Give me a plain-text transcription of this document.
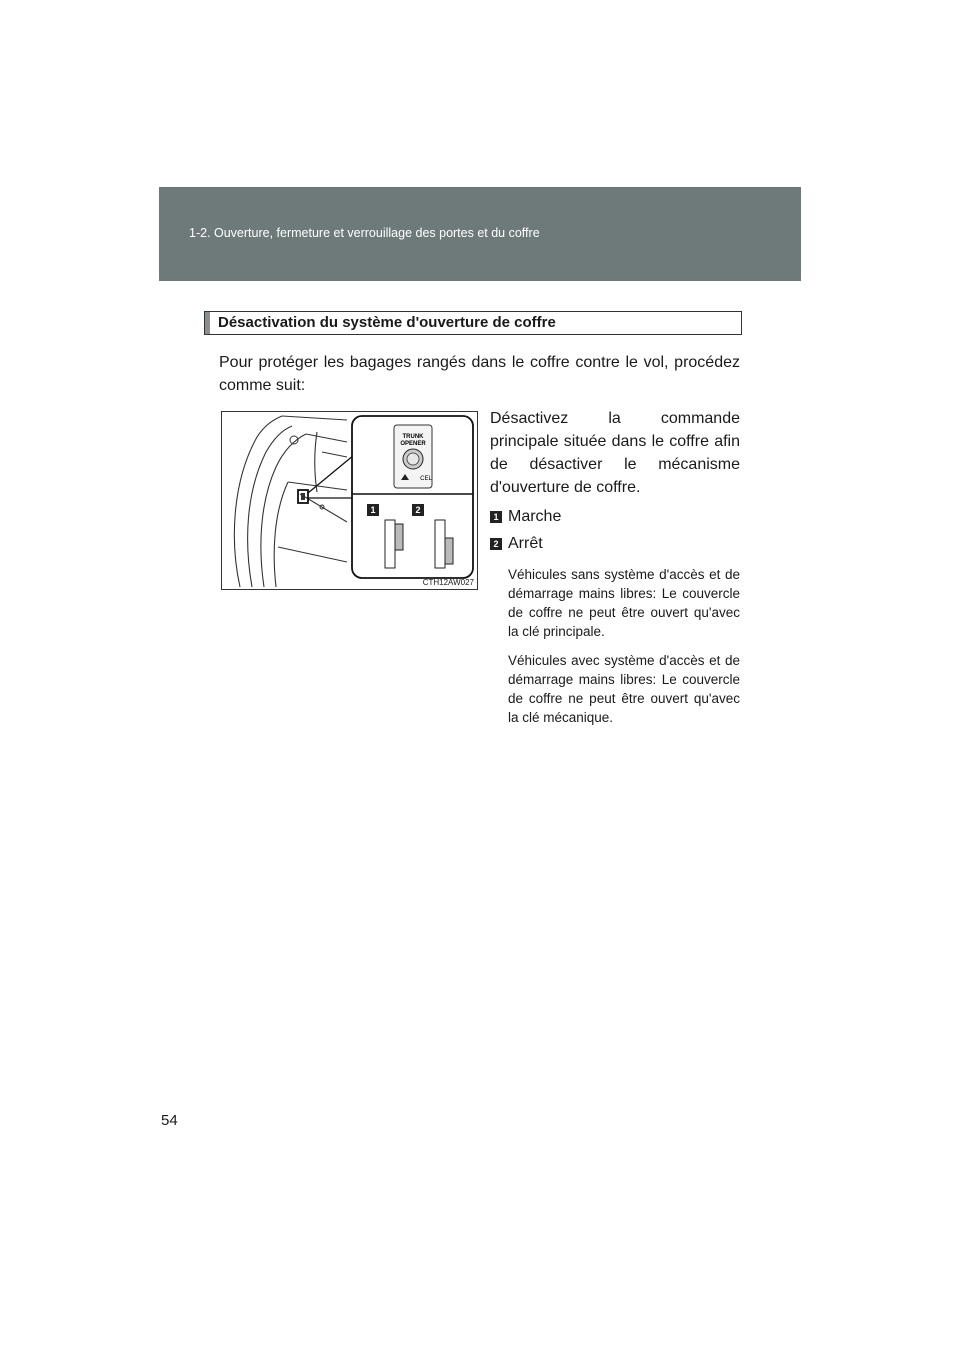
1-2. Ouverture, fermeture et verrouillage des portes et du coffre
Désactivation du système d'ouverture de coffre
Pour protéger les bagages rangés dans le coffre contre le vol, procédez comme suit:
TRUNK
OPENER
CEL
1	2
CTH12AW027

Désactivez la commande principale située dans le coffre afin de désactiver le mécanisme d'ouverture de coffre.

1 Marche
2 Arrêt

Véhicules sans système d'accès et de démarrage mains libres: Le couvercle de coffre ne peut être ouvert qu'avec la clé principale.

Véhicules avec système d'accès et de démarrage mains libres: Le couvercle de coffre ne peut être ouvert qu'avec la clé mécanique.

54
